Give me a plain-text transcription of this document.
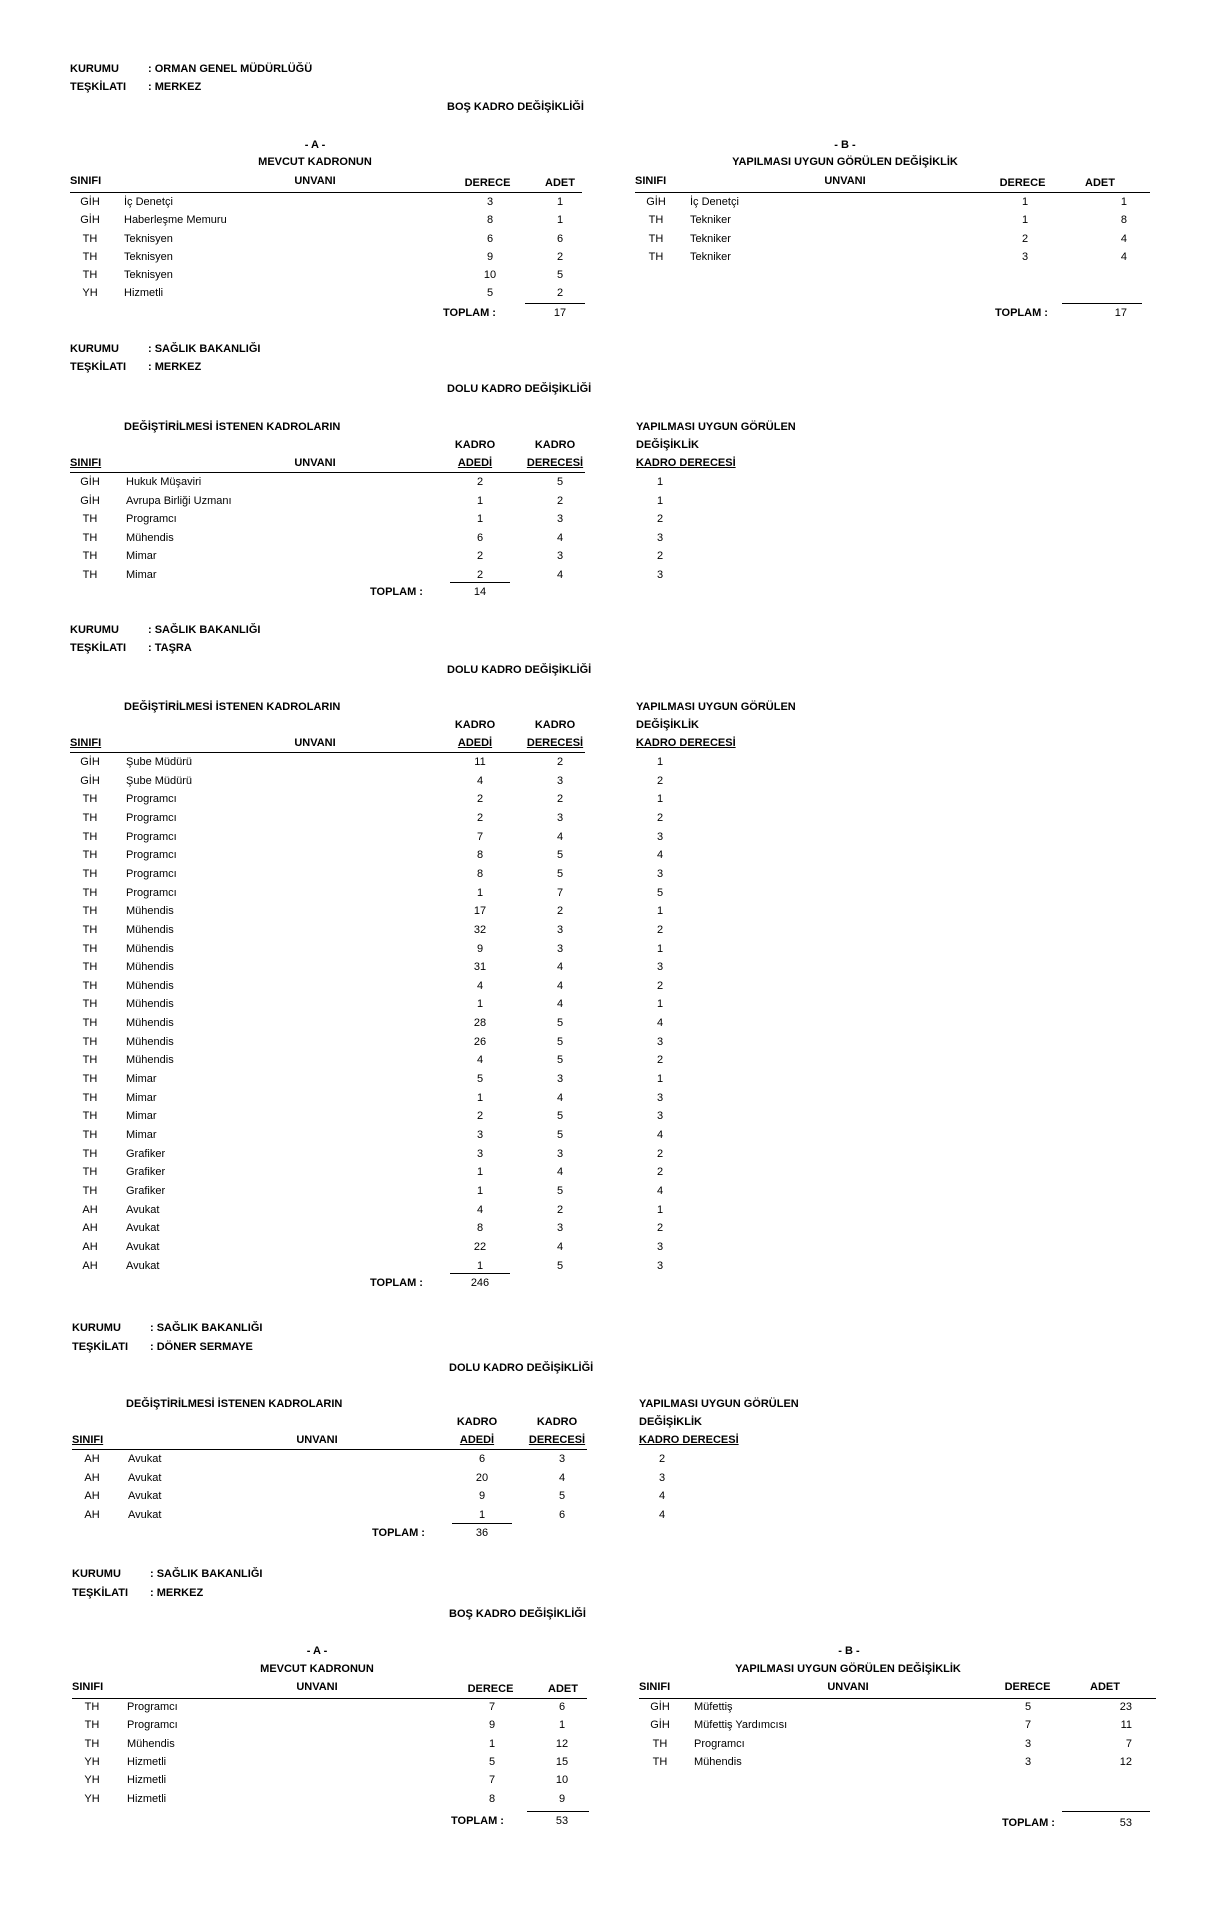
KURUMU	: ORMAN GENEL MÜDÜRLÜĞÜ
TEŞKİLATI : MERKEZ
BOŞ KADRO DEĞİŞİKLİĞİ
- A -
MEVCUT KADRONUN
SINIFI	UNVANI	DERECE	ADET
GİH	İç Denetçi	3	1
GİH	Haberleşme Memuru	8	1
TH	Teknisyen	6	6
TH	Teknisyen	9	2
TH	Teknisyen	10	5
YH	Hizmetli	5	2
TOPLAM :	17
- B -
YAPILMASI UYGUN GÖRÜLEN DEĞİŞİKLİK
SINIFI	UNVANI	DERECE	ADET
GİH	İç Denetçi	1	1
TH	Tekniker	1	8
TH	Tekniker	2	4
TH	Tekniker	3	4
TOPLAM :	17
KURUMU	: SAĞLIK BAKANLIĞI
TEŞKİLATI : MERKEZ
DOLU KADRO DEĞİŞİKLİĞİ
DEĞİŞTİRİLMESİ İSTENEN KADROLARIN	YAPILMASI UYGUN GÖRÜLEN
DEĞİŞİKLİK
KADRO DERECESİ
KADRO	KADRO
SINIFI	UNVANI	ADEDİ	DERECESİ
GİH	Hukuk Müşaviri	2	5	1
GİH	Avrupa Birliği Uzmanı	1	2	1
TH	Programcı	1	3	2
TH	Mühendis	6	4	3
TH	Mimar	2	3	2
TH	Mimar	2	4	3
TOPLAM :	14
KURUMU	: SAĞLIK BAKANLIĞI
TEŞKİLATI : TAŞRA
DOLU KADRO DEĞİŞİKLİĞİ
DEĞİŞTİRİLMESİ İSTENEN KADROLARIN	YAPILMASI UYGUN GÖRÜLEN
DEĞİŞİKLİK
KADRO DERECESİ
KADRO	KADRO
SINIFI	UNVANI	ADEDİ	DERECESİ
GİH	Şube Müdürü	11	2	1
GİH	Şube Müdürü	4	3	2
TH	Programcı	2	2	1
TH	Programcı	2	3	2
TH	Programcı	7	4	3
TH	Programcı	8	5	4
TH	Programcı	8	5	3
TH	Programcı	1	7	5
TH	Mühendis	17	2	1
TH	Mühendis	32	3	2
TH	Mühendis	9	3	1
TH	Mühendis	31	4	3
TH	Mühendis	4	4	2
TH	Mühendis	1	4	1
TH	Mühendis	28	5	4
TH	Mühendis	26	5	3
TH	Mühendis	4	5	2
TH	Mimar	5	3	1
TH	Mimar	1	4	3
TH	Mimar	2	5	3
TH	Mimar	3	5	4
TH	Grafiker	3	3	2
TH	Grafiker	1	4	2
TH	Grafiker	1	5	4
AH	Avukat	4	2	1
AH	Avukat	8	3	2
AH	Avukat	22	4	3
AH	Avukat	1	5	3
TOPLAM :	246
KURUMU	: SAĞLIK BAKANLIĞI
TEŞKİLATI : DÖNER SERMAYE
DOLU KADRO DEĞİŞİKLİĞİ
DEĞİŞTİRİLMESİ İSTENEN KADROLARIN	YAPILMASI UYGUN GÖRÜLEN
DEĞİŞİKLİK
KADRO DERECESİ
KADRO	KADRO
SINIFI	UNVANI	ADEDİ	DERECESİ
AH	Avukat	6	3	2
AH	Avukat	20	4	3
AH	Avukat	9	5	4
AH	Avukat	1	6	4
TOPLAM :	36
KURUMU	: SAĞLIK BAKANLIĞI
TEŞKİLATI : MERKEZ
BOŞ KADRO DEĞİŞİKLİĞİ
- A -
MEVCUT KADRONUN
SINIFI	UNVANI	DERECE	ADET
TH	Programcı	7	6
TH	Programcı	9	1
TH	Mühendis	1	12
YH	Hizmetli	5	15
YH	Hizmetli	7	10
YH	Hizmetli	8	9
TOPLAM :	53
- B -
YAPILMASI UYGUN GÖRÜLEN DEĞİŞİKLİK
SINIFI	UNVANI	DERECE	ADET
GİH	Müfettiş	5	23
GİH	Müfettiş Yardımcısı	7	11
TH	Programcı	3	7
TH	Mühendis	3	12
TOPLAM :	53
